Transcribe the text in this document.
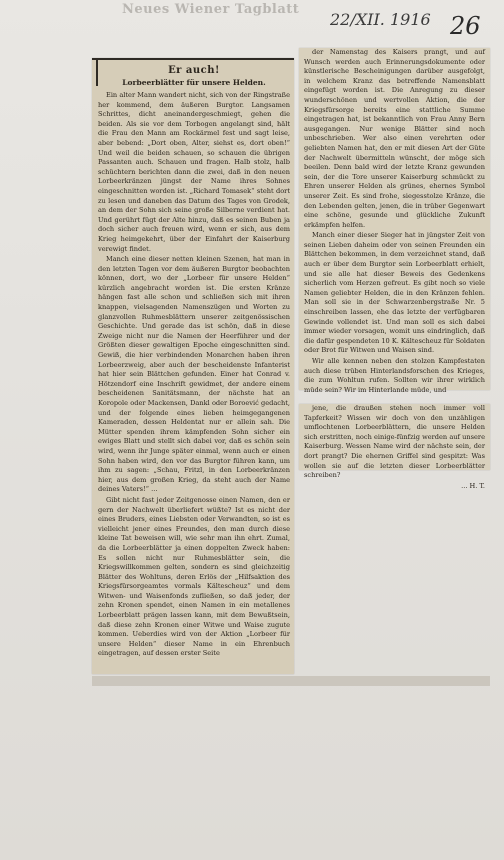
Neues Wiener Tagblatt
22/XII. 1916 26
Er auch!
Lorbeerblätter für unsere Helden.

Ein alter Mann wandert nicht, sich von der Ringstraße her kommend, dem äußeren Burgtor. Langsamen Schrittes, dicht aneinandergeschmiegt, gehen die beiden. Als sie vor dem Torbogen angelangt sind, hält die Frau den Mann am Rockärmel fest und sagt leise, aber bebend: „Dort oben, Alter, siehst es, dort oben!“ Und weil die beiden schauen, so schauen die übrigen Passanten auch. Schauen und fragen. Halb stolz, halb schüchtern berichten dann die zwei, daß in den neuen Lorbeerkränzen jüngst der Name ihres Sohnes eingeschnitten worden ist. „Richard Tomasek“ steht dort zu lesen und daneben das Datum des Tages von Grodek, an dem der Sohn sich seine große Silberne verdient hat. Und gerührt fügt der Alte hinzu, daß es seinen Buben ja doch sicher auch freuen wird, wenn er sich, aus dem Krieg heimgekehrt, über der Einfahrt der Kaiserburg verewigt findet.

Manch eine dieser netten kleinen Szenen, hat man in den letzten Tagen vor dem äußeren Burgtor beobachten können, dort, wo der „Lorbeer für unsere Helden“ kürzlich angebracht worden ist. Die ersten Kränze hängen fast alle schon und schließen sich mit ihren knappen, vielsagenden Namenszügen und Worten zu glanzvollen Ruhmesblättern unserer zeitgenössischen Geschichte. Und gerade das ist schön, daß in diese Zweige nicht nur die Namen der Heerführer und der Größten dieser gewaltigen Epoche eingeschnitten sind. Gewiß, die hier verbindenden Monarchen haben ihren Lorbeerzweig, aber auch der bescheidenste Infanterist hat hier sein Blättchen gefunden. Einer hat Conrad v. Hötzendorf eine Inschrift gewidmet, der andere einem bescheidenen Sanitätsmann, der nächste hat an Koropole oder Mackensen, Dankl oder Boroević gedacht, und der folgende eines lieben heimgegangenen Kameraden, dessen Heldentat nur er allein sah. Die Mütter spenden ihrem kämpfenden Sohn sicher ein ewiges Blatt und stellt sich dabei vor, daß es schön sein wird, wenn ihr Junge später einmal, wenn auch er einen Sohn haben wird, den vor das Burgtor führen kann, um ihm zu sagen: „Schau, Fritzl, in den Lorbeerkränzen hier, aus dem großen Krieg, da steht auch der Name deines Vaters!“ ...

Gibt nicht fast jeder Zeitgenosse einen Namen, den er gern der Nachwelt überliefert wüßte? Ist es nicht der eines Bruders, eines Liebsten oder Verwandten, so ist es vielleicht jener eines Freundes, den man durch diese kleine Tat beweisen will, wie sehr man ihn ehrt. Zumal, da die Lorbeerblätter ja einen doppelten Zweck haben: Es sollen nicht nur Ruhmesblätter sein, die Kriegswillkommen gelten, sondern es sind gleichzeitig Blätter des Wohltuns, deren Erlös der „Hilfsaktion des Kriegsfürsorgeamtes vormals Kältescheuz“ und dem Witwen- und Waisenfonds zufließen, so daß jeder, der zehn Kronen spendet, einen Namen in ein metallenes Lorbeerblatt prägen lassen kann, mit dem Bewußtsein, daß diese zehn Kronen einer Witwe und Waise zugute kommen. Ueberdies wird von der Aktion „Lorbeer für unsere Helden“ dieser Name in ein Ehrenbuch eingetragen, auf dessen erster Seite

der Namenstag des Kaisers prangt, und auf Wunsch werden auch Erinnerungsdokumente oder künstlerische Bescheinigungen darüber ausgefolgt, in welchem Kranz das betreffende Namensblatt eingefügt worden ist. Die Anregung zu dieser wunderschönen und wertvollen Aktion, die der Kriegsfürsorge bereits eine stattliche Summe eingetragen hat, ist bekanntlich von Frau Anny Bern ausgegangen. Nur wenige Blätter sind noch unbeschrieben. Wer also einen verehrten oder geliebten Namen hat, den er mit diesen Art der Güte der Nachwelt übermitteln wünscht, der möge sich beeilen. Denn bald wird der letzte Kranz gewunden sein, der die Tore unserer Kaiserburg schmückt zu Ehren unserer Helden als grünes, ehernes Symbol unserer Zeit. Es sind frohe, siegesstolze Kränze, die den Lebenden gelten, jenen, die in trüber Gegenwart eine schöne, gesunde und glückliche Zukunft erkämpfen helfen.

Manch einer dieser Sieger hat in jüngster Zeit von seinen Lieben daheim oder von seinen Freunden ein Blättchen bekommen, in dem verzeichnet stand, daß auch er über dem Burgtor sein Lorbeerblatt erhielt, und sie alle hat dieser Beweis des Gedenkens sicherlich vom Herzen gefreut. Es gibt noch so viele Namen geliebter Helden, die in den Kränzen fehlen. Man soll sie in der Schwarzenbergstraße Nr. 5 einschreiben lassen, ehe das letzte der verfügbaren Gewinde vollendet ist. Und man soll es sich dabei immer wieder vorsagen, womit uns eindringlich, daß die dafür gespendeten 10 K. Kältescheuz für Soldaten oder Brot für Witwen und Waisen sind.

Wir alle kennen neben den stolzen Kampfestaten auch diese trüben Hinterlandsforschen des Krieges, die zum Wohltun rufen. Sollten wir ihrer wirklich müde sein? Wir im Hinterlande müde, und

jene, die draußen stehen noch immer voll Tapferkeit? Wissen wir doch von den unzähligen umflochtenen Lorbeerblättern, die unsere Helden sich erstritten, noch einige-fünfzig werden auf unsere Kaiserburg. Wessen Name wird der nächste sein, der dort prangt? Die ehernen Griffel sind gespitzt: Was wollen sie auf die letzten dieser Lorbeerblätter schreiben?

... H. T.
